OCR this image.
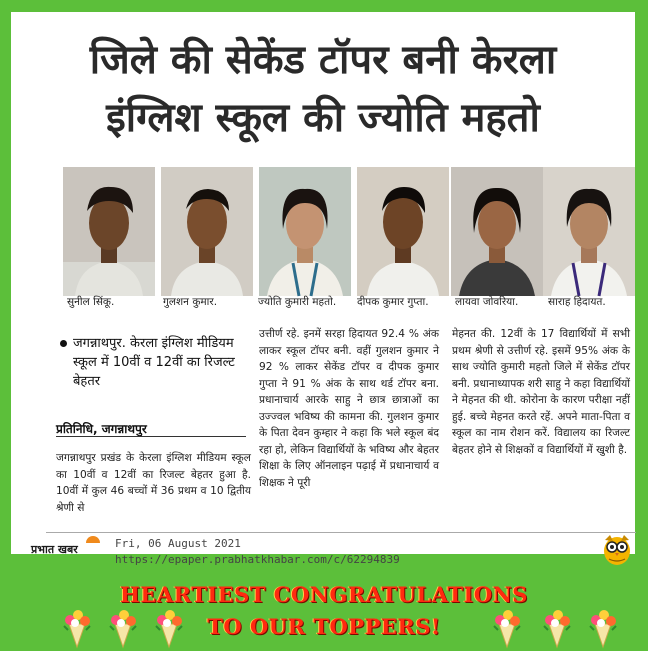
जिले की सेकेंड टॉपर बनी केरला
इंग्लिश स्कूल की ज्योति महतो
सुनील सिंकू.	गुलशन कुमार.	ज्योति कुमारी महतो. दीपक कुमार गुप्ता.	लायवा जोवरिया.	साराह हिदायत.
जगन्नाथपुर. केरला इंग्लिश मीडियम स्कूल में 10वीं व 12वीं का रिजल्ट बेहतर
प्रतिनिधि, जगन्नाथपुर
जगन्नाथपुर प्रखंड के केरला इंग्लिश मीडियम स्कूल का 10वीं व 12वीं का रिजल्ट बेहतर हुआ है. 10वीं में कुल 46 बच्चों में 36 प्रथम व 10 द्वितीय श्रेणी से
उत्तीर्ण रहे. इनमें सरहा हिदायत 92.4 % अंक लाकर स्कूल टॉपर बनी. वहीं गुलशन कुमार ने 92 % लाकर सेकेंड टॉपर व दीपक कुमार गुप्ता ने 91 % अंक के साथ थर्ड टॉपर बना. प्रधानाचार्य आरके साहु ने छात्र छात्राओं का उज्ज्वल भविष्य की कामना की. गुलशन कुमार के पिता देवन कुम्हार ने कहा कि भले स्कूल बंद रहा हो, लेकिन विद्यार्थियों के भविष्य और बेहतर शिक्षा के लिए ऑनलाइन पढ़ाई में प्रधानाचार्य व शिक्षक ने पूरी
मेहनत की. 12वीं के 17 विद्यार्थियों में सभी प्रथम श्रेणी से उत्तीर्ण रहे. इसमें 95% अंक के साथ ज्योति कुमारी महतो जिले में सेकेंड टॉपर बनी. प्रधानाध्यापक शरी साहु ने कहा विद्यार्थियों ने मेहनत की थी. कोरोना के कारण परीक्षा नहीं हुई. बच्चे मेहनत करते रहें. अपने माता-पिता व स्कूल का नाम रोशन करें. विद्यालय का रिजल्ट बेहतर होने से शिक्षकों व विद्यार्थियों में खुशी है.
प्रभात खबर	Fri, 06 August 2021
https://epaper.prabhatkhabar.com/c/62294839
HEARTIEST CONGRATULATIONS
TO OUR TOPPERS!
